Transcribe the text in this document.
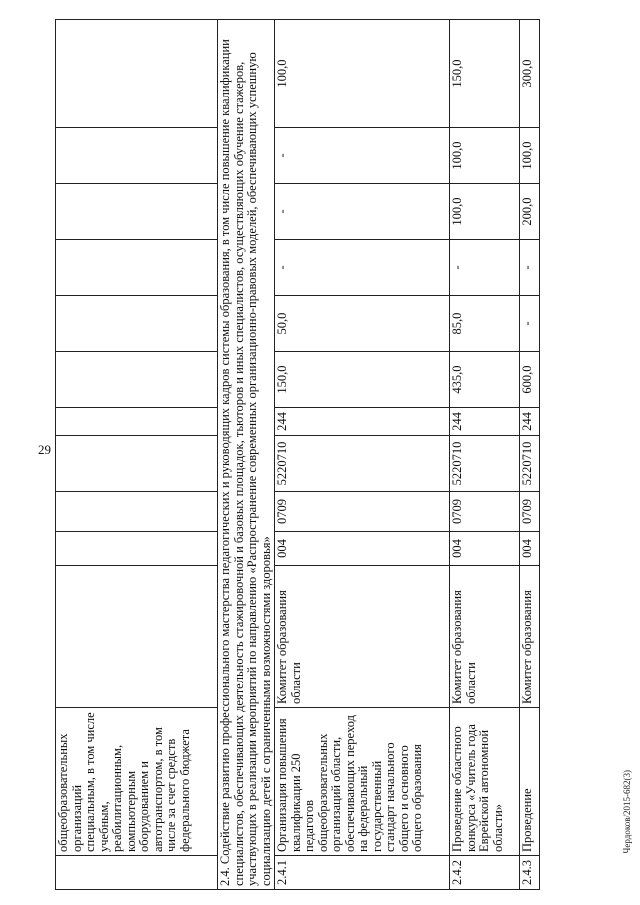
29
Чердоков/2015-682(3)
	общеобразовательных организаций специальным, в том числе учебным, реабилитационным, компьютерным оборудованием и автотранспортом, в том числе за счет средств федерального бюджета											
2.4. Содействие развитию профессионального мастерства педагогических и руководящих кадров системы образования, в том числе повышение квалификации специалистов, обеспечивающих деятельность стажировочной и базовых площадок, тьюторов и иных специалистов, осуществляющих обучение стажеров, участвующих в реализации мероприятий по направлению «Распространение современных организационно-правовых моделей, обеспечивающих успешную социализацию детей с ограниченными возможностями здоровья»												
2.4.1	Организация повышения квалификации 250 педагогов общеобразовательных организаций области, обеспечивающих переход на федеральный государственный стандарт начального общего и основного общего образования	Комитет образования области	004	0709	5220710	244	150,0	50,0	-	-	-	100,0
2.4.2	Проведение областного конкурса «Учитель года Еврейской автономной области»	Комитет образования области	004	0709	5220710	244	435,0	85,0	-	100,0	100,0	150,0
2.4.3	Проведение	Комитет образования	004	0709	5220710	244	600,0	-	-	200,0	100,0	300,0
